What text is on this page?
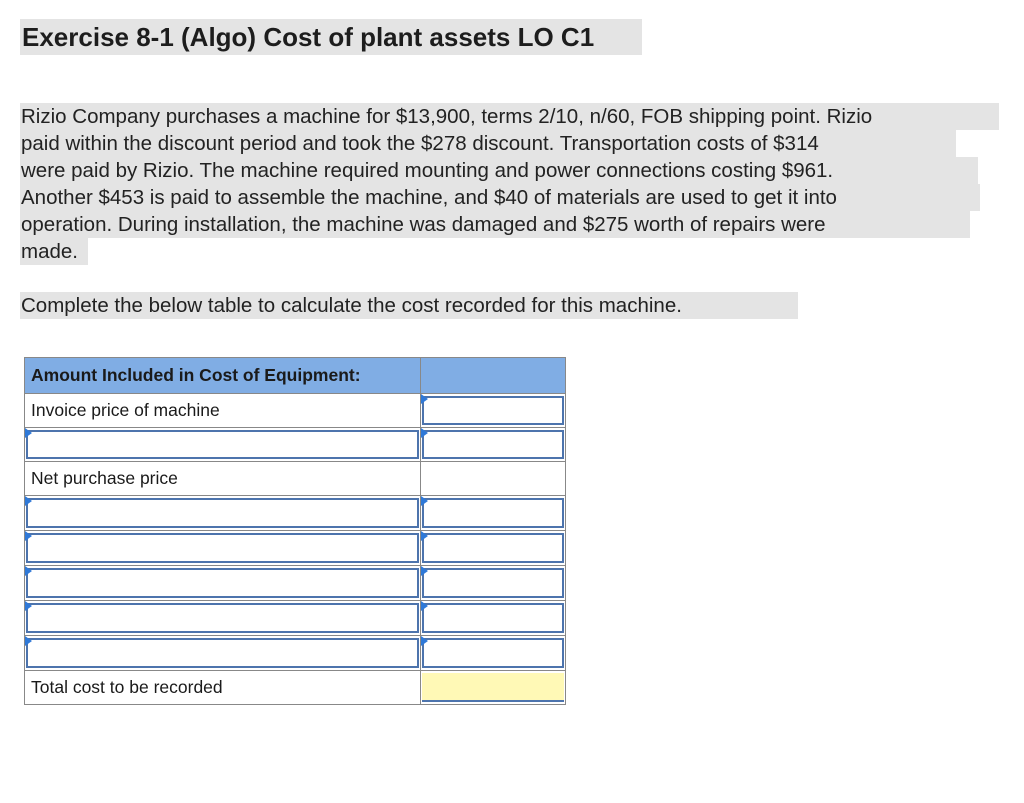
Exercise 8-1 (Algo) Cost of plant assets LO C1
Rizio Company purchases a machine for $13,900, terms 2/10, n/60, FOB shipping point. Rizio
paid within the discount period and took the $278 discount. Transportation costs of $314
were paid by Rizio. The machine required mounting and power connections costing $961.
Another $453 is paid to assemble the machine, and $40 of materials are used to get it into
operation. During installation, the machine was damaged and $275 worth of repairs were
made.
Complete the below table to calculate the cost recorded for this machine.
Amount Included in Cost of Equipment:	
Invoice price of machine	

Net purchase price	

Total cost to be recorded	
